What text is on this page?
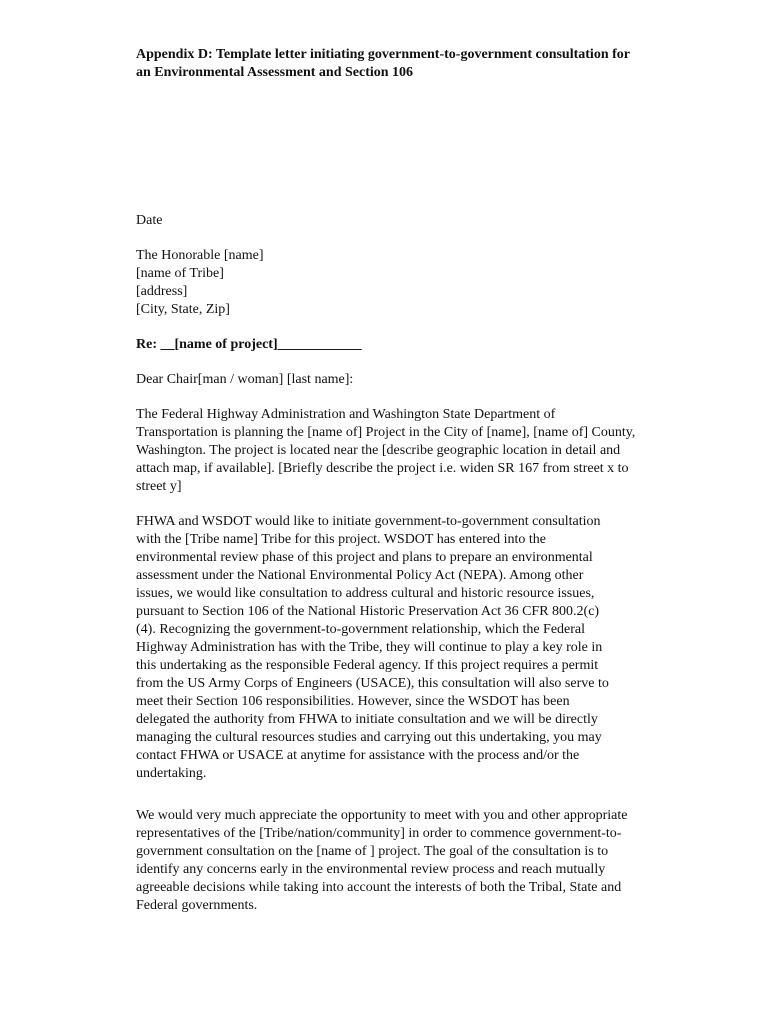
Appendix D: Template letter initiating government-to-government consultation for
an Environmental Assessment and Section 106
Date
The Honorable [name]
[name of Tribe]
[address]
[City, State, Zip]
Re: __[name of project]____________
Dear Chair[man / woman] [last name]:
The Federal Highway Administration and Washington State Department of
Transportation is planning the [name of] Project in the City of [name], [name of] County,
Washington. The project is located near the [describe geographic location in detail and
attach map, if available]. [Briefly describe the project i.e. widen SR 167 from street x to
street y]
FHWA and WSDOT would like to initiate government-to-government consultation
with the [Tribe name] Tribe for this project. WSDOT has entered into the
environmental review phase of this project and plans to prepare an environmental
assessment under the National Environmental Policy Act (NEPA). Among other
issues, we would like consultation to address cultural and historic resource issues,
pursuant to Section 106 of the National Historic Preservation Act 36 CFR 800.2(c)
(4). Recognizing the government-to-government relationship, which the Federal
Highway Administration has with the Tribe, they will continue to play a key role in
this undertaking as the responsible Federal agency. If this project requires a permit
from the US Army Corps of Engineers (USACE), this consultation will also serve to
meet their Section 106 responsibilities. However, since the WSDOT has been
delegated the authority from FHWA to initiate consultation and we will be directly
managing the cultural resources studies and carrying out this undertaking, you may
contact FHWA or USACE at anytime for assistance with the process and/or the
undertaking.
We would very much appreciate the opportunity to meet with you and other appropriate
representatives of the [Tribe/nation/community] in order to commence government-to-
government consultation on the [name of ] project. The goal of the consultation is to
identify any concerns early in the environmental review process and reach mutually
agreeable decisions while taking into account the interests of both the Tribal, State and
Federal governments.
